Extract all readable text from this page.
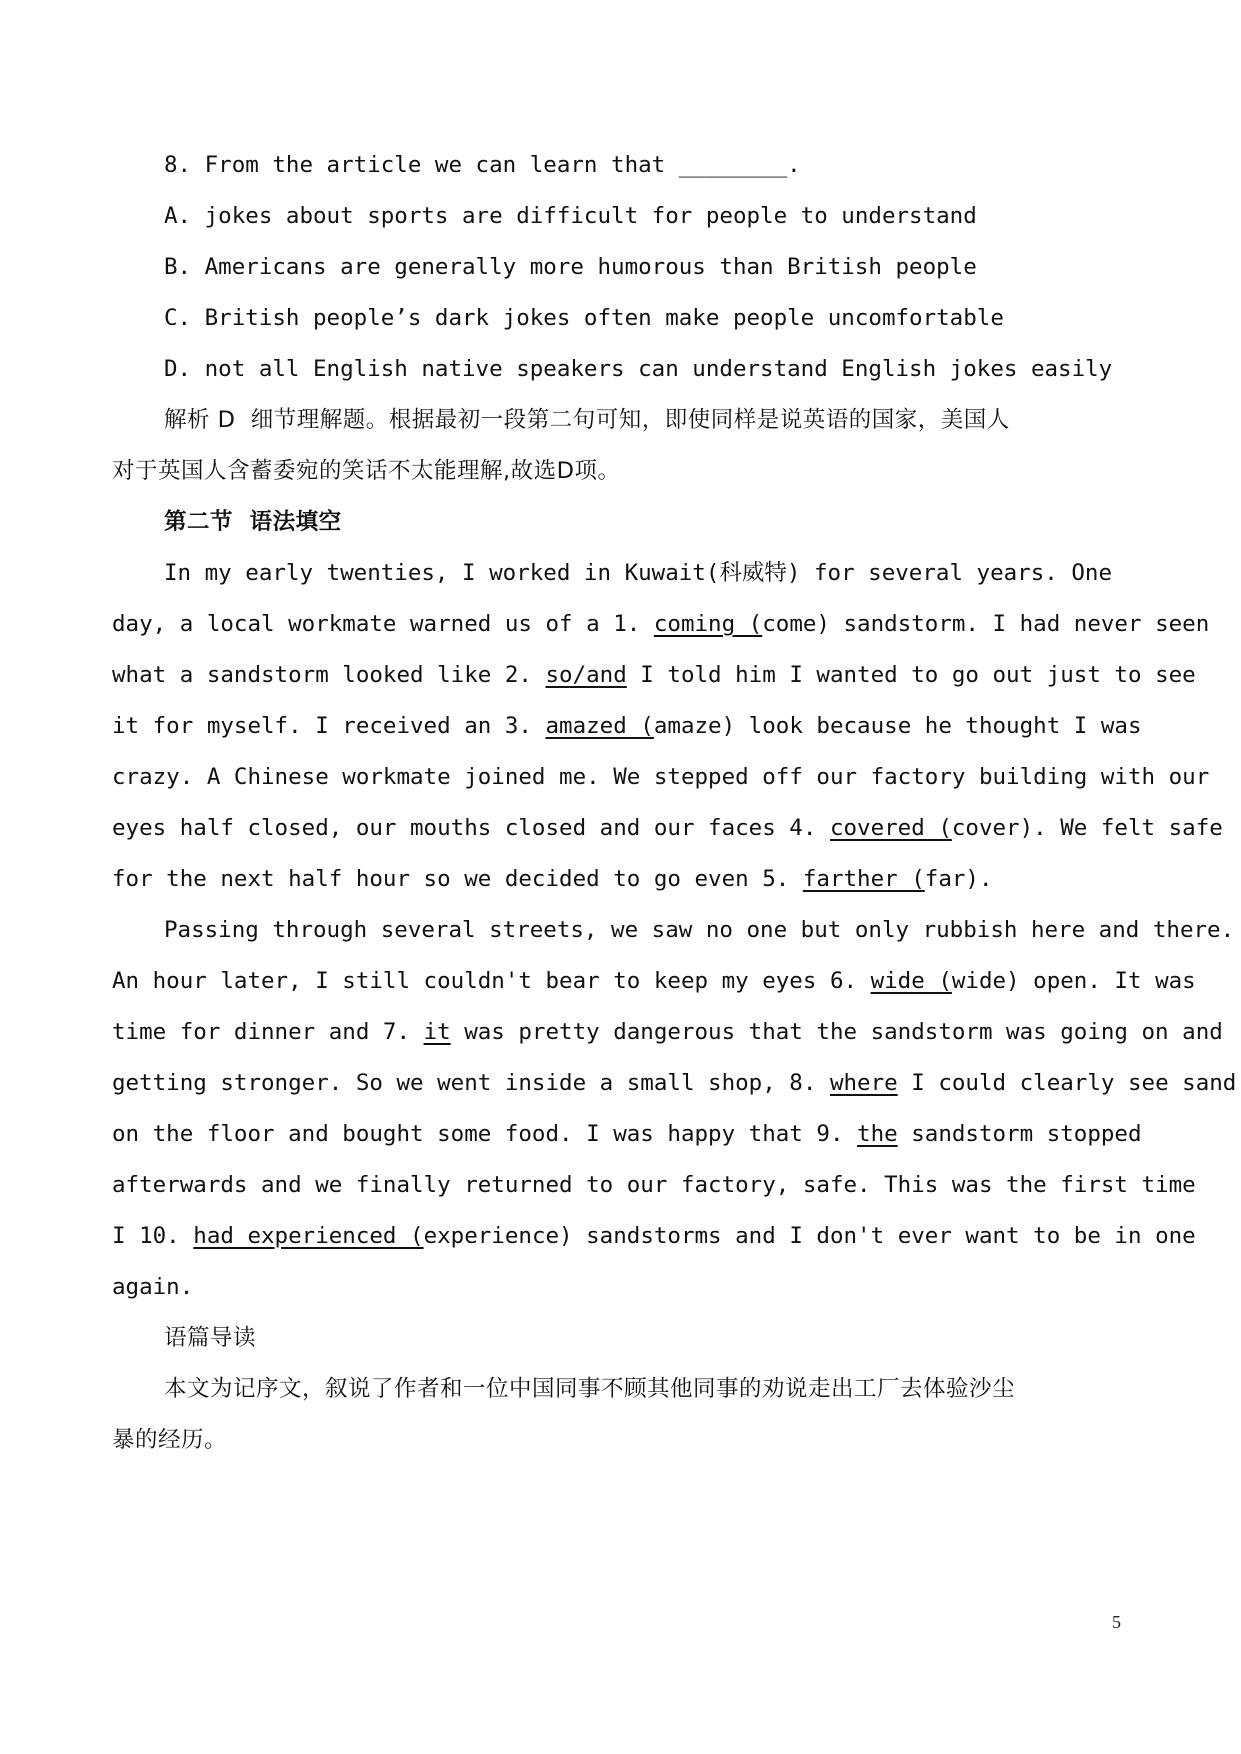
8. From the article we can learn that ________.
A. jokes about sports are difficult for people to understand
B. Americans are generally more humorous than British people
C. British people’s dark jokes often make people uncomfortable
D. not all English native speakers can understand English jokes easily
解析 D  细节理解题。根据最初一段第二句可知，即使同样是说英语的国家，美国人
对于英国人含蓄委宛的笑话不太能理解,故选D项。
第二节  语法填空
In my early twenties, I worked in Kuwait(科威特) for several years. One
day, a local workmate warned us of a 1. coming (come) sandstorm. I had never seen
what a sandstorm looked like 2. so/and I told him I wanted to go out just to see
it for myself. I received an 3. amazed (amaze) look because he thought I was
crazy. A Chinese workmate joined me. We stepped off our factory building with our
eyes half closed, our mouths closed and our faces 4. covered (cover). We felt safe
for the next half hour so we decided to go even 5. farther (far).
Passing through several streets, we saw no one but only rubbish here and there.
An hour later, I still couldn't bear to keep my eyes 6. wide (wide) open. It was
time for dinner and 7. it was pretty dangerous that the sandstorm was going on and
getting stronger. So we went inside a small shop, 8. where I could clearly see sand
on the floor and bought some food. I was happy that 9. the sandstorm stopped
afterwards and we finally returned to our factory, safe. This was the first time
I 10. had experienced (experience) sandstorms and I don't ever want to be in one
again.
语篇导读
本文为记序文，叙说了作者和一位中国同事不顾其他同事的劝说走出工厂去体验沙尘
暴的经历。
5
